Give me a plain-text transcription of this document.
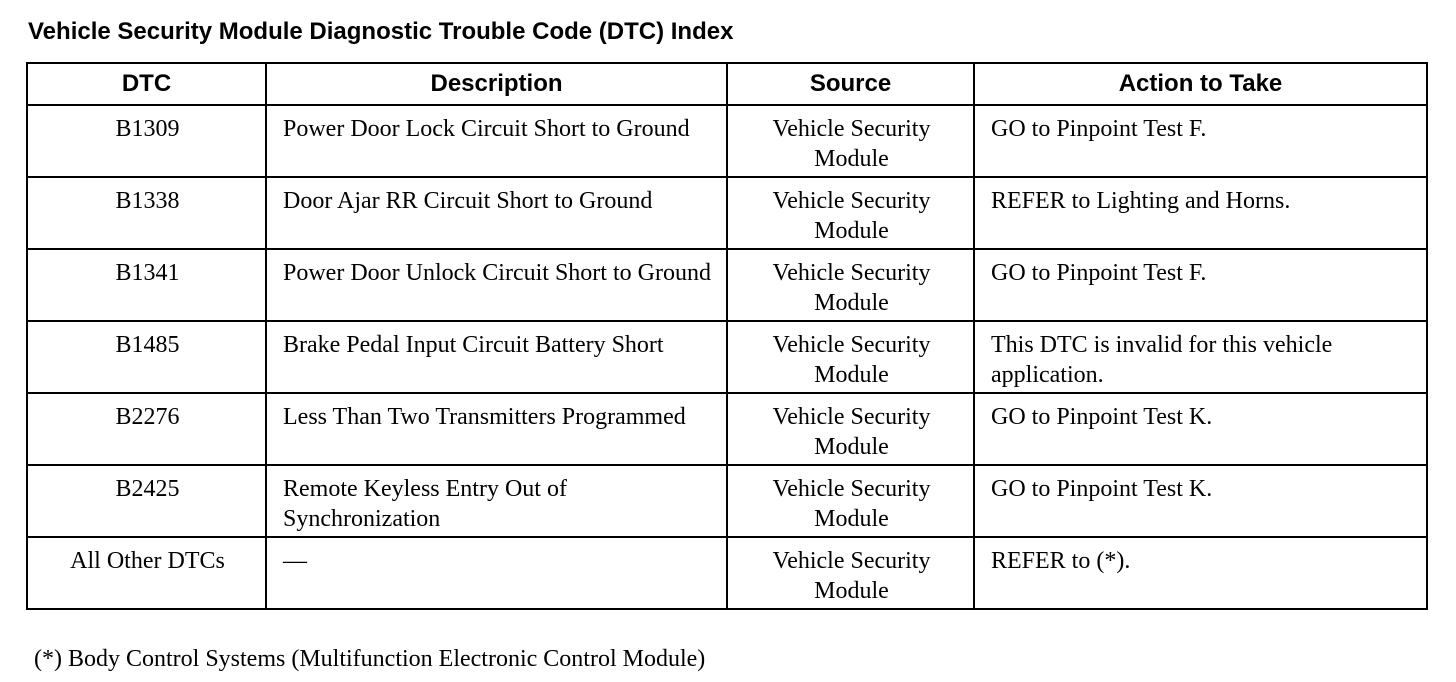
Vehicle Security Module Diagnostic Trouble Code (DTC) Index
DTC	Description	Source	Action to Take
B1309	Power Door Lock Circuit Short to Ground	Vehicle Security Module	GO to Pinpoint Test F.
B1338	Door Ajar RR Circuit Short to Ground	Vehicle Security Module	REFER to Lighting and Horns.
B1341	Power Door Unlock Circuit Short to Ground	Vehicle Security Module	GO to Pinpoint Test F.
B1485	Brake Pedal Input Circuit Battery Short	Vehicle Security Module	This DTC is invalid for this vehicle application.
B2276	Less Than Two Transmitters Programmed	Vehicle Security Module	GO to Pinpoint Test K.
B2425	Remote Keyless Entry Out of Synchronization	Vehicle Security Module	GO to Pinpoint Test K.
All Other DTCs	—	Vehicle Security Module	REFER to (*).
(*) Body Control Systems (Multifunction Electronic Control Module)
